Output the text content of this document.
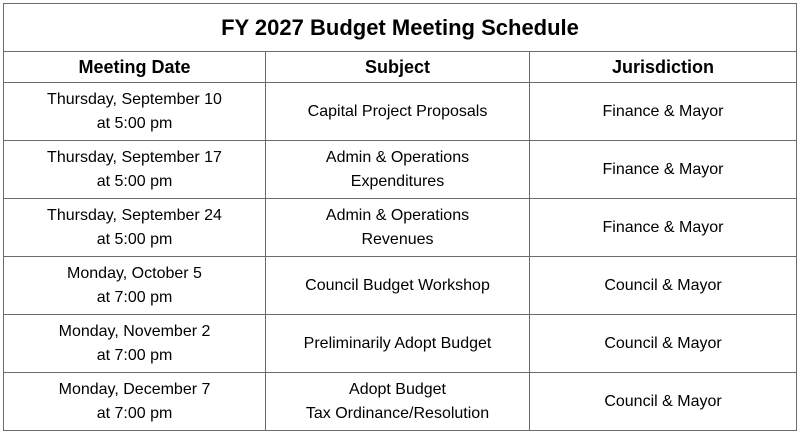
FY 2027 Budget Meeting Schedule		
Meeting Date	Subject	Jurisdiction

Thursday, September 10
at 5:00 pm	Capital Project Proposals	Finance & Mayor

Thursday, September 17
at 5:00 pm	Admin & Operations
Expenditures	Finance & Mayor

Thursday, September 24
at 5:00 pm	Admin & Operations
Revenues	Finance & Mayor

Monday, October 5
at 7:00 pm	Council Budget Workshop	Council & Mayor

Monday, November 2
at 7:00 pm	Preliminarily Adopt Budget	Council & Mayor

Monday, December 7
at 7:00 pm	Adopt Budget
Tax Ordinance/Resolution	Council & Mayor
